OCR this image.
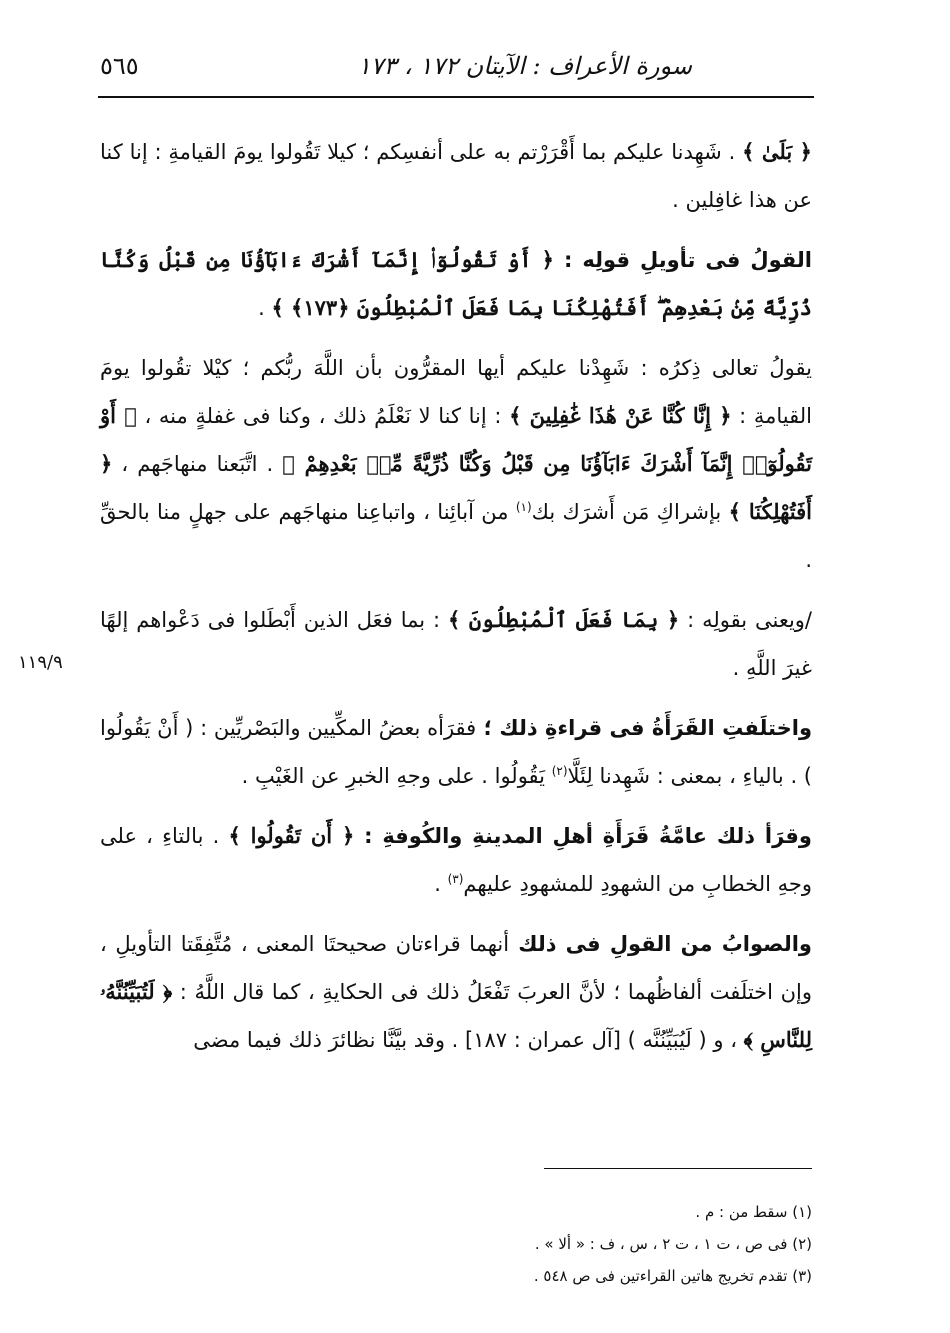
سورة الأعراف : الآيتان ١٧٢ ، ١٧٣
٥٦٥
١١٩/٩

﴿ بَلَىٰ ﴾ . شَهِدنا عليكم بما أَقْرَرْتم به على أنفسِكم ؛ كيلا تَقُولوا يومَ القيامةِ : إنا كنا عن هذا غافِلين .

القولُ فى تأويلِ قولِه : ﴿ أَوْ تَقُولُوٓا۟ إِنَّمَآ أَشْرَكَ ءَابَآؤُنَا مِن قَبْلُ وَكُنَّا ذُرِّيَّةً مِّنۢ بَعْدِهِمْ ۖ أَفَتُهْلِكُنَا بِمَا فَعَلَ ٱلْمُبْطِلُونَ ﴿١٧٣﴾ ﴾ .

يقولُ تعالى ذِكرُه : شَهِدْنا عليكم أيها المقرُّون بأن اللَّهَ ربُّكم ؛ كيْلا تقُولوا يومَ القيامةِ : ﴿ إِنَّا كُنَّا عَنْ هَٰذَا غَٰفِلِينَ ﴾ : إنا كنا لا نَعْلَمُ ذلك ، وكنا فى غفلةٍ منه ، ﴿ أَوْ تَقُولُوٓا۟ إِنَّمَآ أَشْرَكَ ءَابَآؤُنَا مِن قَبْلُ وَكُنَّا ذُرِّيَّةً مِّنۢ بَعْدِهِمْ ﴾ . اتَّبَعنا منهاجَهم ، ﴿ أَفَتُهْلِكُنَا ﴾ بإشراكِ مَن أَشرَك بك$^{(١)}$ من آبائِنا ، واتباعِنا منهاجَهم على جهلٍ منا بالحقِّ .

/ويعنى بقولِه : ﴿ بِمَا فَعَلَ ٱلْمُبْطِلُونَ ﴾ : بما فعَل الذين أَبْطَلوا فى دَعْواهم إلهًا غيرَ اللَّهِ .

واختلَفتِ القَرَأَةُ فى قراءةِ ذلك ؛ فقرَأه بعضُ المكِّيين والبَصْريِّين : ( أَنْ يَقُولُوا ) . بالياءِ ، بمعنى : شَهِدنا لِئَلَّا$^{(٢)}$ يَقُولُوا . على وجهِ الخبرِ عن الغَيْبِ .

وقرَأ ذلك عامَّةُ قَرَأَةِ أهلِ المدينةِ والكُوفةِ : ﴿ أَن تَقُولُوا ﴾ . بالتاءِ ، على وجهِ الخطابِ من الشهودِ للمشهودِ عليهم$^{(٣)}$ .

والصوابُ من القولِ فى ذلك أنهما قراءتان صحيحتَا المعنى ، مُتَّفِقَتا التأويلِ ، وإن اختلَفت ألفاظُهما ؛ لأنَّ العربَ تَفْعَلُ ذلك فى الحكايةِ ، كما قال اللَّهُ : ﴿ لَتُبَيِّنُنَّهُۥ لِلنَّاسِ ﴾ ، و ( لَيُبَيِّنُنَّه ) [آل عمران : ١٨٧] . وقد بيَّنَّا نظائرَ ذلك فيما مضى

(١) سقط من : م .
(٢) فى ص ، ت ١ ، ت ٢ ، س ، ف : « ألا » .
(٣) تقدم تخريج هاتين القراءتين فى ص ٥٤٨ .
